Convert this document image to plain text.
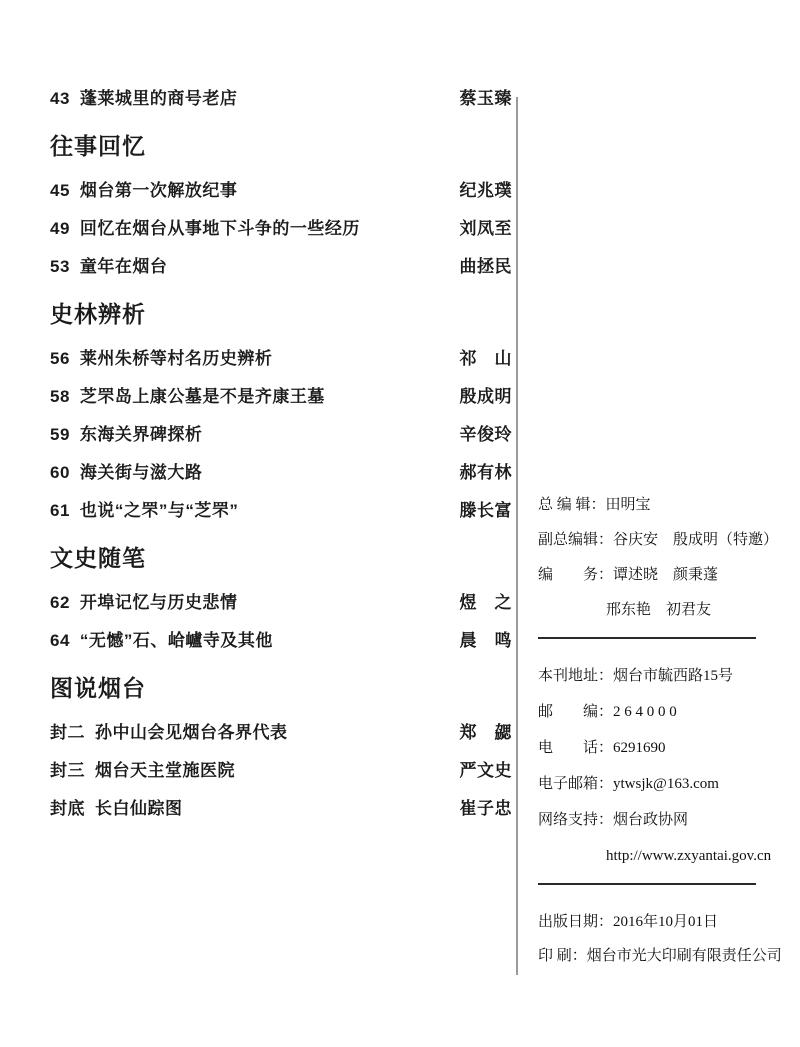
43 蓬莱城里的商号老店	蔡玉臻
往事回忆
45 烟台第一次解放纪事	纪兆璞
49 回忆在烟台从事地下斗争的一些经历	刘凤至
53 童年在烟台	曲拯民
史林辨析
56 莱州朱桥等村名历史辨析	祁　山
58 芝罘岛上康公墓是不是齐康王墓	殷成明
59 东海关界碑探析	辛俊玲
60 海关街与滋大路	郝有林
61 也说“之罘”与“芝罘”	滕长富
文史随笔
62 开埠记忆与历史悲情	煜　之
64 “无憾”石、峆㠠寺及其他	晨　鸣
图说烟台
封二 孙中山会见烟台各界代表	郑　勰
封三 烟台天主堂施医院	严文史
封底 长白仙踪图	崔子忠
总 编 辑： 田明宝
副总编辑： 谷庆安　殷成明（特邀）
编　　务： 谭述晓　颜秉蓬
邢东艳　初君友
本刊地址： 烟台市毓西路15号
邮　　编： 2 6 4 0 0 0
电　　话： 6291690
电子邮箱： ytwsjk@163.com
网络支持： 烟台政协网
http://www.zxyantai.gov.cn
出版日期： 2016年10月01日
印 刷： 烟台市光大印刷有限责任公司
